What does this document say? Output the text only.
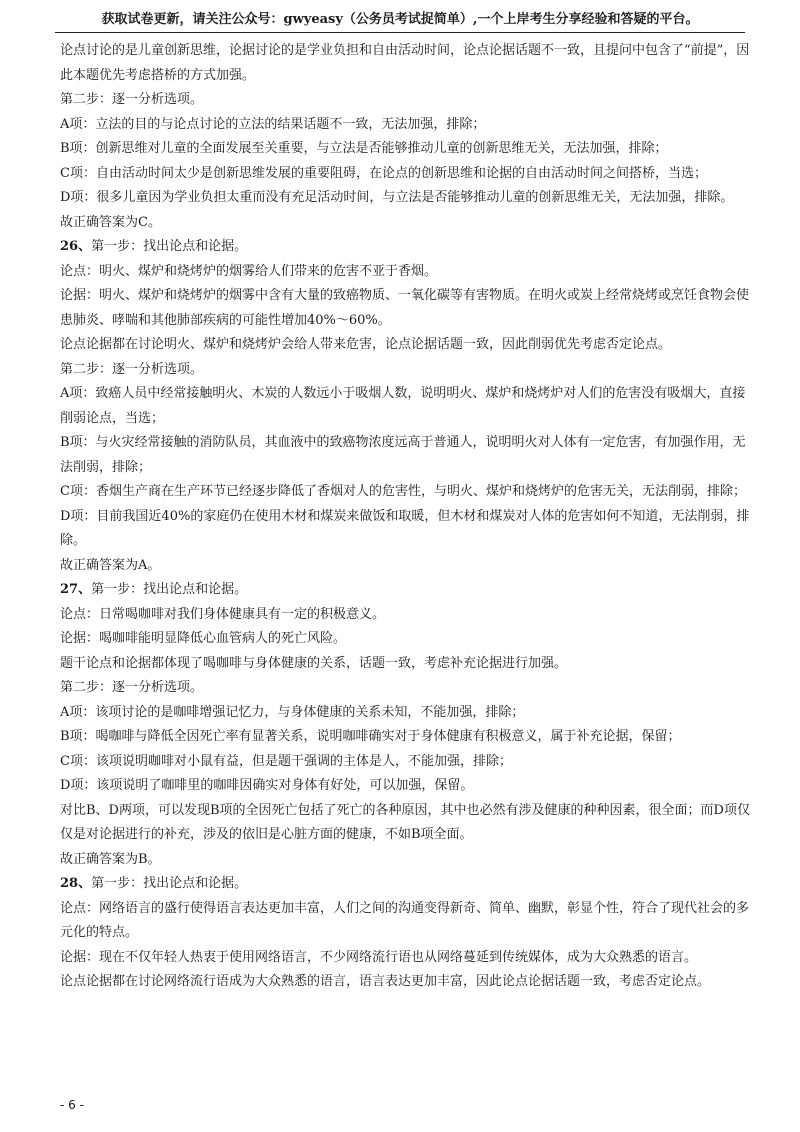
获取试卷更新，请关注公众号：gwyeasy（公务员考试捉简单）,一个上岸考生分享经验和答疑的平台。

论点讨论的是儿童创新思维，论据讨论的是学业负担和自由活动时间，论点论据话题不一致，且提问中包含了“前提”，因此本题优先考虑搭桥的方式加强。

第二步：逐一分析选项。

A项：立法的目的与论点讨论的立法的结果话题不一致，无法加强，排除；

B项：创新思维对儿童的全面发展至关重要，与立法是否能够推动儿童的创新思维无关，无法加强，排除；

C项：自由活动时间太少是创新思维发展的重要阻碍，在论点的创新思维和论据的自由活动时间之间搭桥，当选；

D项：很多儿童因为学业负担太重而没有充足活动时间，与立法是否能够推动儿童的创新思维无关，无法加强，排除。

故正确答案为C。

26、第一步：找出论点和论据。

论点：明火、煤炉和烧烤炉的烟雾给人们带来的危害不亚于香烟。

论据：明火、煤炉和烧烤炉的烟雾中含有大量的致癌物质、一氧化碳等有害物质。在明火或炭上经常烧烤或烹饪食物会使患肺炎、哮喘和其他肺部疾病的可能性增加40%～60%。

论点论据都在讨论明火、煤炉和烧烤炉会给人带来危害，论点论据话题一致，因此削弱优先考虑否定论点。

第二步：逐一分析选项。

A项：致癌人员中经常接触明火、木炭的人数远小于吸烟人数，说明明火、煤炉和烧烤炉对人们的危害没有吸烟大，直接削弱论点，当选；

B项：与火灾经常接触的消防队员，其血液中的致癌物浓度远高于普通人，说明明火对人体有一定危害，有加强作用，无法削弱，排除；

C项：香烟生产商在生产环节已经逐步降低了香烟对人的危害性，与明火、煤炉和烧烤炉的危害无关，无法削弱，排除；

D项：目前我国近40%的家庭仍在使用木材和煤炭来做饭和取暖，但木材和煤炭对人体的危害如何不知道，无法削弱，排除。

故正确答案为A。

27、第一步：找出论点和论据。

论点：日常喝咖啡对我们身体健康具有一定的积极意义。

论据：喝咖啡能明显降低心血管病人的死亡风险。

题干论点和论据都体现了喝咖啡与身体健康的关系，话题一致，考虑补充论据进行加强。

第二步：逐一分析选项。

A项：该项讨论的是咖啡增强记忆力，与身体健康的关系未知，不能加强，排除；

B项：喝咖啡与降低全因死亡率有显著关系，说明咖啡确实对于身体健康有积极意义，属于补充论据，保留；

C项：该项说明咖啡对小鼠有益，但是题干强调的主体是人，不能加强，排除；

D项：该项说明了咖啡里的咖啡因确实对身体有好处，可以加强，保留。

对比B、D两项，可以发现B项的全因死亡包括了死亡的各种原因，其中也必然有涉及健康的种种因素，很全面；而D项仅仅是对论据进行的补充，涉及的依旧是心脏方面的健康，不如B项全面。

故正确答案为B。

28、第一步：找出论点和论据。

论点：网络语言的盛行使得语言表达更加丰富，人们之间的沟通变得新奇、简单、幽默，彰显个性，符合了现代社会的多元化的特点。

论据：现在不仅年轻人热衷于使用网络语言，不少网络流行语也从网络蔓延到传统媒体，成为大众熟悉的语言。

论点论据都在讨论网络流行语成为大众熟悉的语言，语言表达更加丰富，因此论点论据话题一致，考虑否定论点。

- 6 -
